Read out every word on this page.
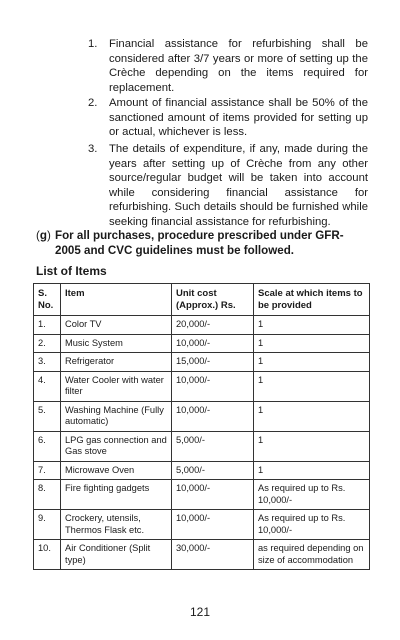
1. Financial assistance for refurbishing shall be considered after 3/7 years or more of setting up the Crèche depending on the items required for replacement.
2. Amount of financial assistance shall be 50% of the sanctioned amount of items provided for setting up or actual, whichever is less.
3. The details of expenditure, if any, made during the years after setting up of Crèche from any other source/regular budget will be taken into account while considering financial assistance for refurbishing. Such details should be furnished while seeking financial assistance for refurbishing.
(g) For all purchases, procedure prescribed under GFR-2005 and CVC guidelines must be followed.
List of Items
S. No.	Item	Unit cost (Approx.) Rs.	Scale at which items to be provided
1.	Color TV	20,000/-	1
2.	Music System	10,000/-	1
3.	Refrigerator	15,000/-	1
4.	Water Cooler with water filter	10,000/-	1
5.	Washing Machine (Fully automatic)	10,000/-	1
6.	LPG gas connection and Gas stove	5,000/-	1
7.	Microwave Oven	5,000/-	1
8.	Fire fighting gadgets	10,000/-	As required up to Rs. 10,000/-
9.	Crockery, utensils, Thermos Flask etc.	10,000/-	As required up to Rs. 10,000/-
10.	Air Conditioner (Split type)	30,000/-	as required depending on size of accommodation
121
